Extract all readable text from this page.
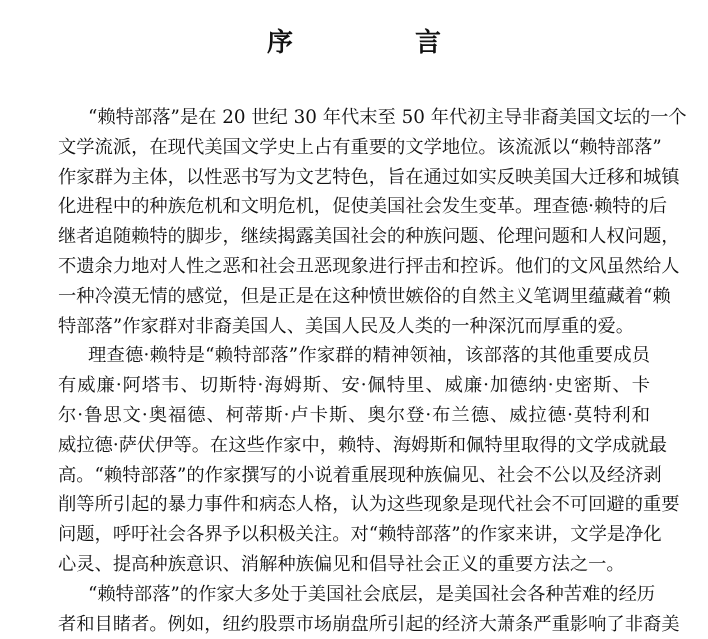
序　言
“赖特部落”是在 20 世纪 30 年代末至 50 年代初主导非裔美国文坛的一个
文学流派，在现代美国文学史上占有重要的文学地位。该流派以“赖特部落”
作家群为主体，以性恶书写为文艺特色，旨在通过如实反映美国大迁移和城镇
化进程中的种族危机和文明危机，促使美国社会发生变革。理查德·赖特的后
继者追随赖特的脚步，继续揭露美国社会的种族问题、伦理问题和人权问题，
不遗余力地对人性之恶和社会丑恶现象进行抨击和控诉。他们的文风虽然给人
一种冷漠无情的感觉，但是正是在这种愤世嫉俗的自然主义笔调里蕴藏着“赖
特部落”作家群对非裔美国人、美国人民及人类的一种深沉而厚重的爱。
理查德·赖特是“赖特部落”作家群的精神领袖，该部落的其他重要成员
有威廉·阿塔韦、切斯特·海姆斯、安·佩特里、威廉·加德纳·史密斯、卡
尔·鲁思文·奥福德、柯蒂斯·卢卡斯、奥尔登·布兰德、威拉德·莫特利和
威拉德·萨伏伊等。在这些作家中，赖特、海姆斯和佩特里取得的文学成就最
高。“赖特部落”的作家撰写的小说着重展现种族偏见、社会不公以及经济剥
削等所引起的暴力事件和病态人格，认为这些现象是现代社会不可回避的重要
问题，呼吁社会各界予以积极关注。对“赖特部落”的作家来讲，文学是净化
心灵、提高种族意识、消解种族偏见和倡导社会正义的重要方法之一。
“赖特部落”的作家大多处于美国社会底层，是美国社会各种苦难的经历
者和目睹者。例如，纽约股票市场崩盘所引起的经济大萧条严重影响了非裔美
